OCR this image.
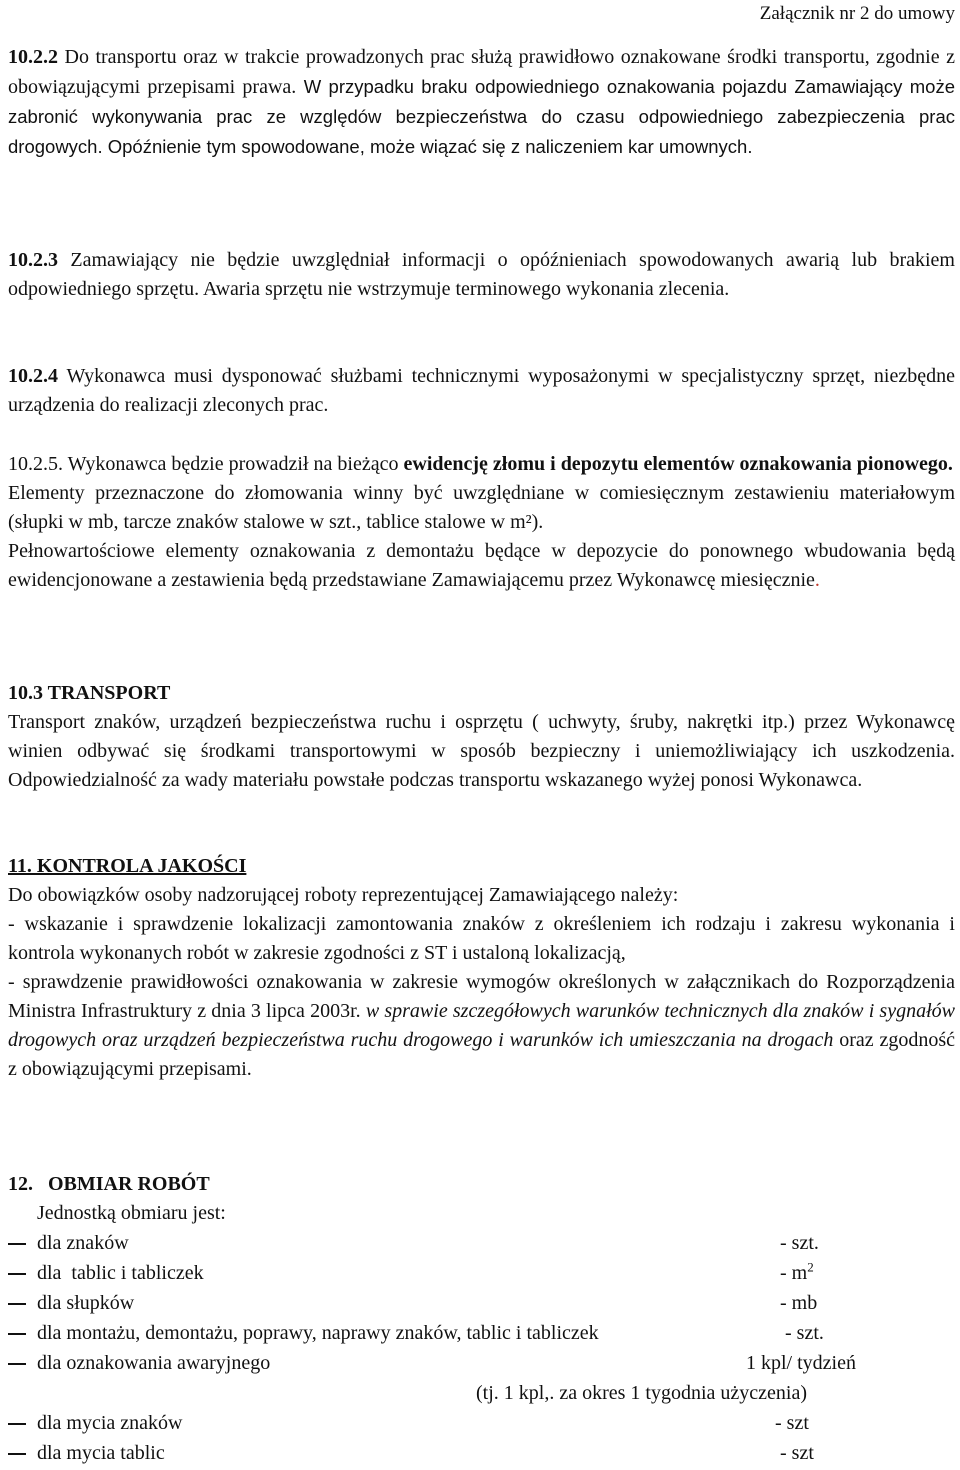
Załącznik nr 2 do umowy

10.2.2 Do transportu oraz w trakcie prowadzonych prac służą prawidłowo oznakowane środki transportu, zgodnie z obowiązującymi przepisami prawa. W przypadku braku odpowiedniego oznakowania pojazdu Zamawiający może zabronić wykonywania prac ze względów bezpieczeństwa do czasu odpowiedniego zabezpieczenia prac drogowych. Opóźnienie tym spowodowane, może wiązać się z naliczeniem kar umownych.

10.2.3 Zamawiający nie będzie uwzględniał informacji o opóźnieniach spowodowanych awarią lub brakiem odpowiedniego sprzętu. Awaria sprzętu nie wstrzymuje terminowego wykonania zlecenia.

10.2.4 Wykonawca musi dysponować służbami technicznymi wyposażonymi w specjalistyczny sprzęt, niezbędne urządzenia do realizacji zleconych prac.

10.2.5. Wykonawca będzie prowadził na bieżąco ewidencję złomu i depozytu elementów oznakowania pionowego.

Elementy przeznaczone do złomowania winny być uwzględniane w comiesięcznym zestawieniu materiałowym (słupki w mb, tarcze znaków stalowe w szt., tablice stalowe w m²).

Pełnowartościowe elementy oznakowania z demontażu będące w depozycie do ponownego wbudowania będą ewidencjonowane a zestawienia będą przedstawiane Zamawiającemu przez Wykonawcę miesięcznie.

10.3 TRANSPORT

Transport znaków, urządzeń bezpieczeństwa ruchu i osprzętu ( uchwyty, śruby, nakrętki itp.) przez Wykonawcę winien odbywać się środkami transportowymi w sposób bezpieczny i uniemożliwiający ich uszkodzenia. Odpowiedzialność za wady materiału powstałe podczas transportu wskazanego wyżej ponosi Wykonawca.

11. KONTROLA JAKOŚCI

Do obowiązków osoby nadzorującej roboty reprezentującej Zamawiającego należy:

- wskazanie i sprawdzenie lokalizacji zamontowania znaków z określeniem ich rodzaju i zakresu wykonania i kontrola wykonanych robót w zakresie zgodności z ST i ustaloną lokalizacją,

- sprawdzenie prawidłowości oznakowania w zakresie wymogów określonych w załącznikach do Rozporządzenia Ministra Infrastruktury z dnia 3 lipca 2003r. w sprawie szczegółowych warunków technicznych dla znaków i sygnałów drogowych oraz urządzeń bezpieczeństwa ruchu drogowego i warunków ich umieszczania na drogach oraz zgodność z obowiązującymi przepisami.

12.   OBMIAR ROBÓT

Jednostką obmiaru jest:

dla znaków	- szt.
dla  tablic i tabliczek	- $m^2$
dla słupków	- mb
dla montażu, demontażu, poprawy, naprawy znaków, tablic i tabliczek	- szt.
dla oznakowania awaryjnego	1 kpl/ tydzień
(tj. 1 kpl,. za okres 1 tygodnia użyczenia)
dla mycia znaków	- szt
dla mycia tablic	- szt
